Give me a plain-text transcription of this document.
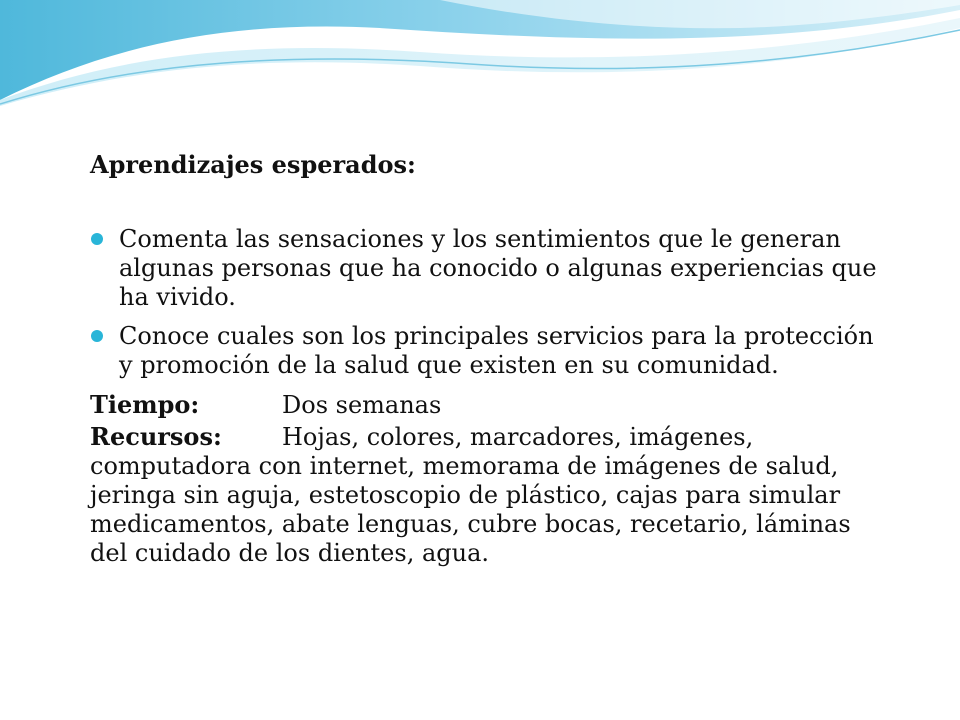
Aprendizajes esperados:
Comenta las sensaciones y los sentimientos que le generan algunas personas que ha conocido o algunas experiencias que ha vivido.
Conoce cuales son los principales servicios para la protección y promoción de la salud que existen en su comunidad.
Tiempo:	Dos semanas
Recursos:	Hojas, colores, marcadores, imágenes, computadora con internet, memorama de imágenes de salud, jeringa sin aguja, estetoscopio de plástico, cajas para simular medicamentos, abate lenguas, cubre bocas, recetario, láminas del cuidado de los dientes, agua.
